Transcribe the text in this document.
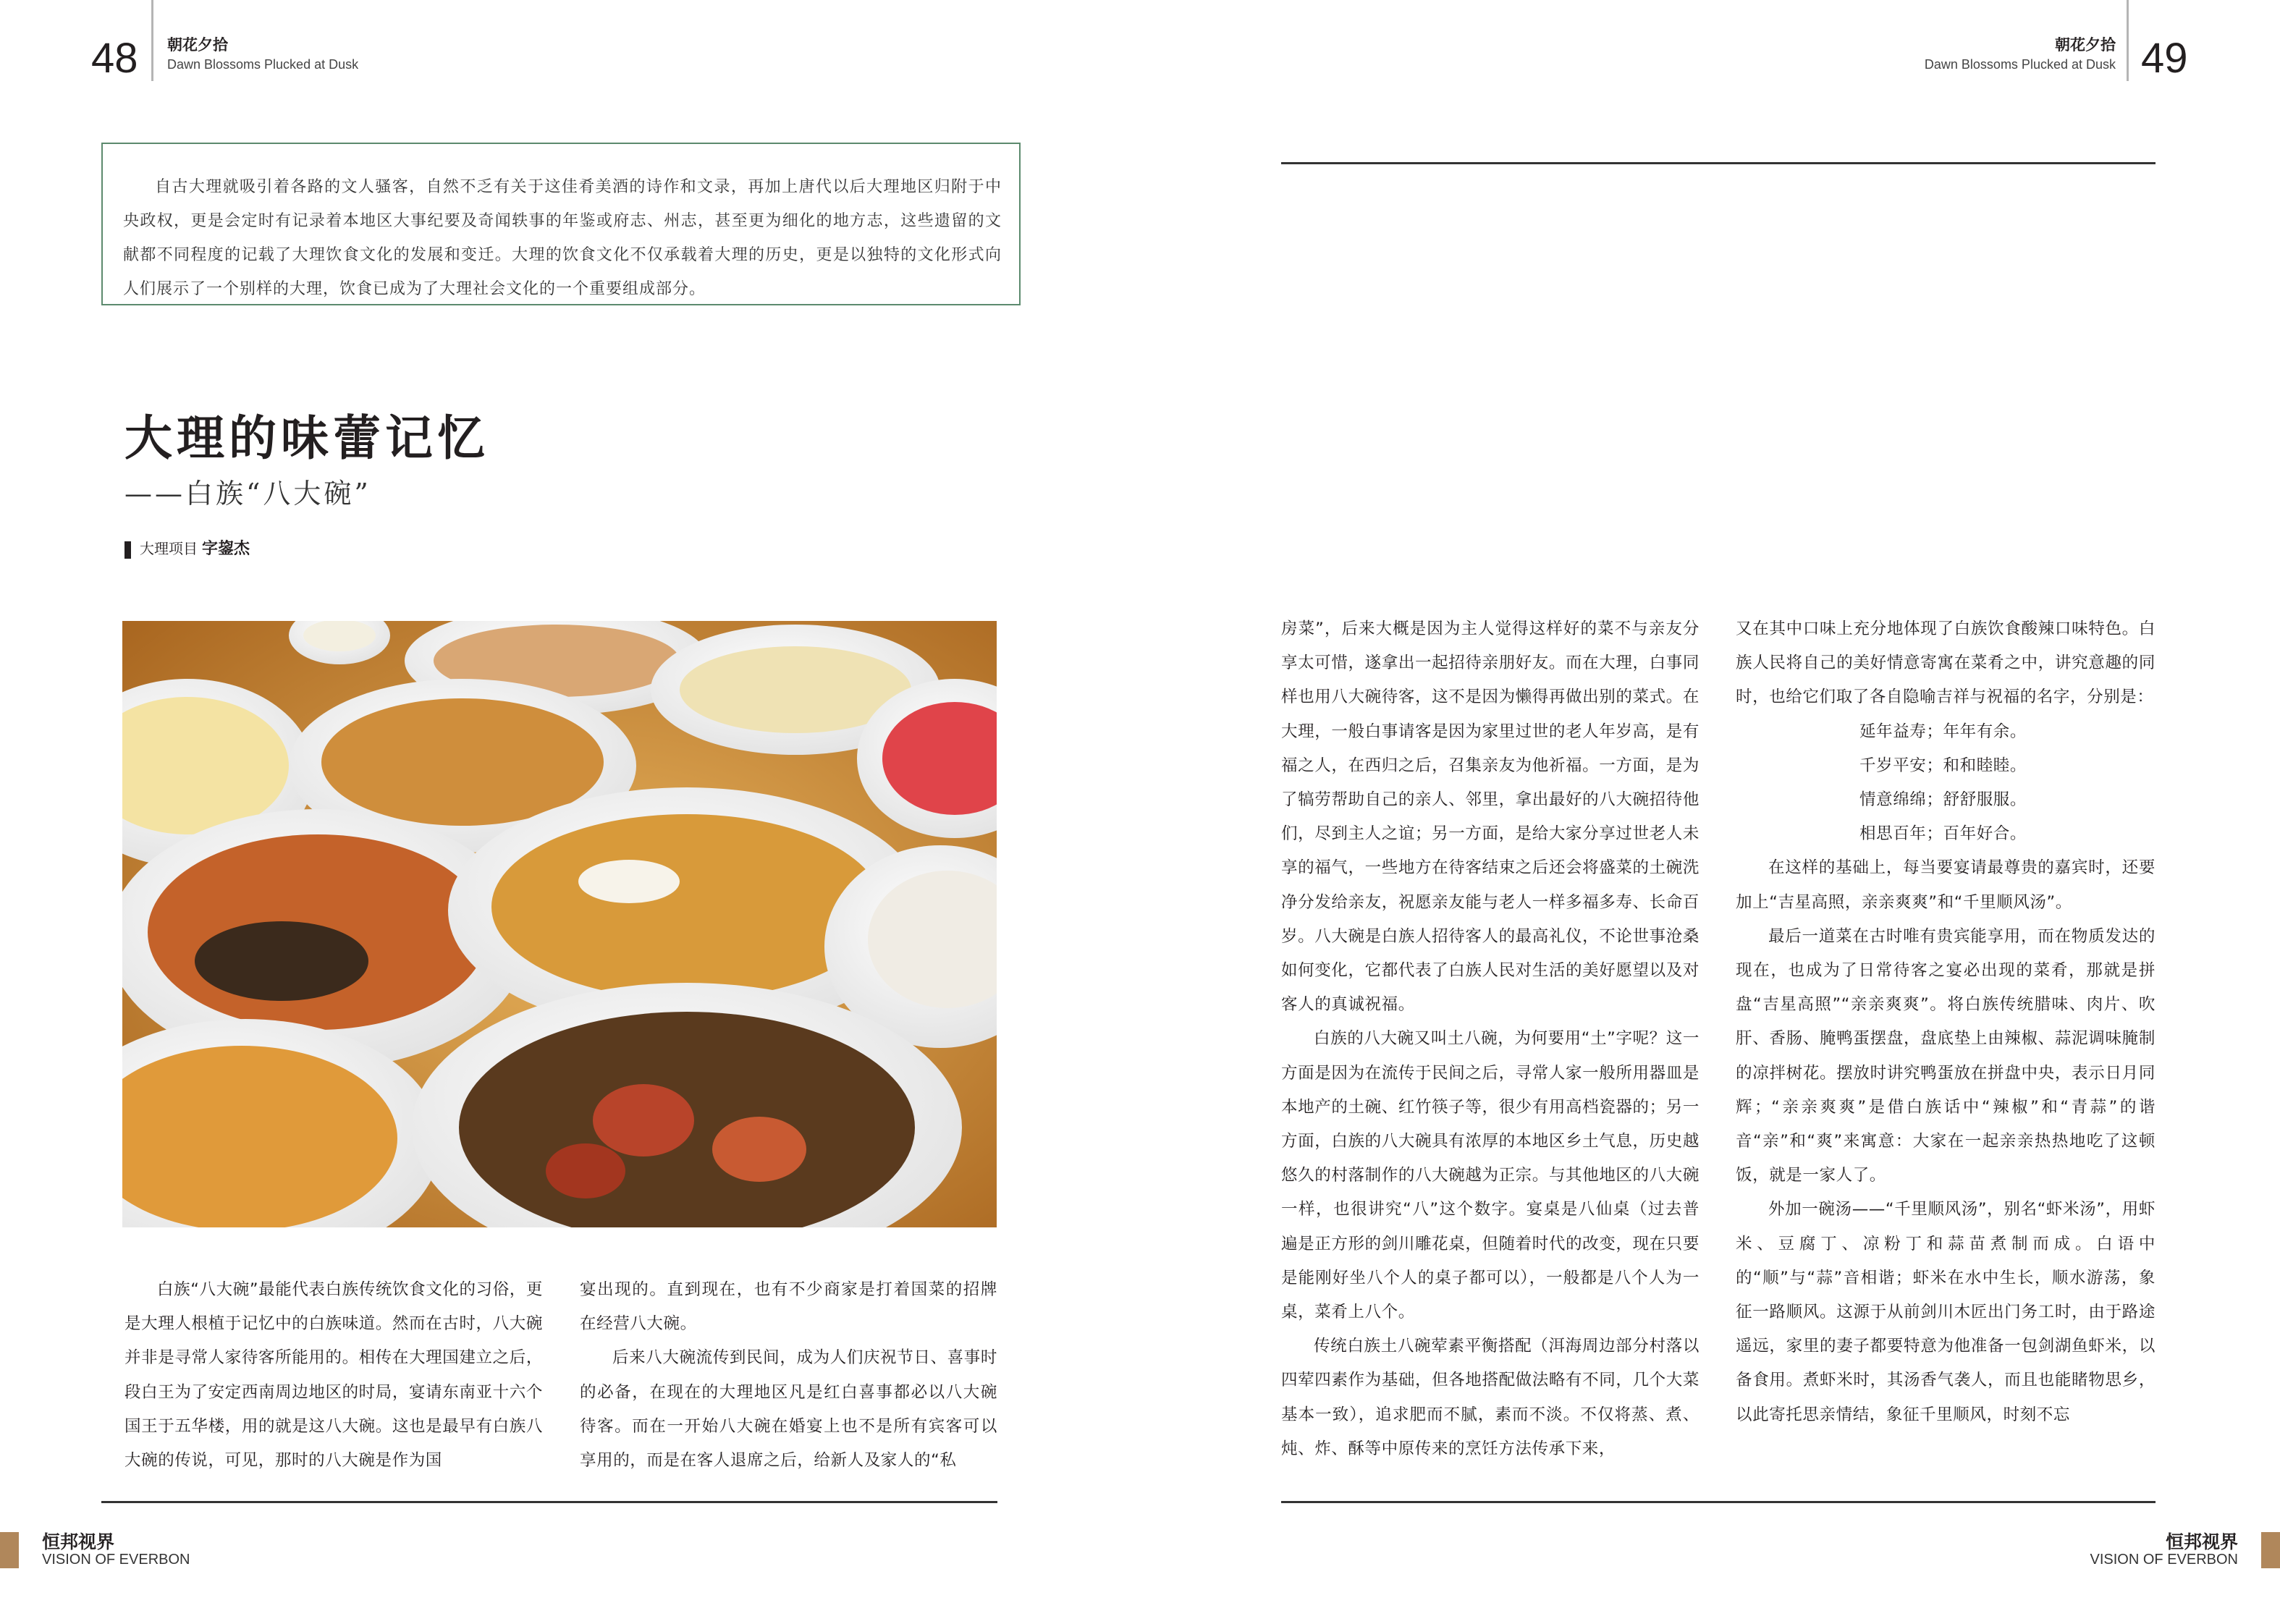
48 朝花夕拾
Dawn Blossoms Plucked at Dusk
朝花夕拾
Dawn Blossoms Plucked at Dusk 49
自古大理就吸引着各路的文人骚客，自然不乏有关于这佳肴美酒的诗作和文录，再加上唐代以后大理地区归附于中央政权，更是会定时有记录着本地区大事纪要及奇闻轶事的年鉴或府志、州志，甚至更为细化的地方志，这些遗留的文献都不同程度的记载了大理饮食文化的发展和变迁。大理的饮食文化不仅承载着大理的历史，更是以独特的文化形式向人们展示了一个别样的大理，饮食已成为了大理社会文化的一个重要组成部分。
大理的味蕾记忆
——白族“八大碗”
大理项目 字鋆杰

白族“八大碗”最能代表白族传统饮食文化的习俗，更是大理人根植于记忆中的白族味道。然而在古时，八大碗并非是寻常人家待客所能用的。相传在大理国建立之后，段白王为了安定西南周边地区的时局，宴请东南亚十六个国王于五华楼，用的就是这八大碗。这也是最早有白族八大碗的传说，可见，那时的八大碗是作为国

宴出现的。直到现在，也有不少商家是打着国菜的招牌在经营八大碗。

后来八大碗流传到民间，成为人们庆祝节日、喜事时的必备，在现在的大理地区凡是红白喜事都必以八大碗待客。而在一开始八大碗在婚宴上也不是所有宾客可以享用的，而是在客人退席之后，给新人及家人的“私

房菜”，后来大概是因为主人觉得这样好的菜不与亲友分享太可惜，遂拿出一起招待亲朋好友。而在大理，白事同样也用八大碗待客，这不是因为懒得再做出别的菜式。在大理，一般白事请客是因为家里过世的老人年岁高，是有福之人，在西归之后，召集亲友为他祈福。一方面，是为了犒劳帮助自己的亲人、邻里，拿出最好的八大碗招待他们，尽到主人之谊；另一方面，是给大家分享过世老人未享的福气，一些地方在待客结束之后还会将盛菜的土碗洗净分发给亲友，祝愿亲友能与老人一样多福多寿、长命百岁。八大碗是白族人招待客人的最高礼仪，不论世事沧桑如何变化，它都代表了白族人民对生活的美好愿望以及对客人的真诚祝福。

白族的八大碗又叫土八碗，为何要用“土”字呢？这一方面是因为在流传于民间之后，寻常人家一般所用器皿是本地产的土碗、红竹筷子等，很少有用高档瓷器的；另一方面，白族的八大碗具有浓厚的本地区乡土气息，历史越悠久的村落制作的八大碗越为正宗。与其他地区的八大碗一样，也很讲究“八”这个数字。宴桌是八仙桌（过去普遍是正方形的剑川雕花桌，但随着时代的改变，现在只要是能刚好坐八个人的桌子都可以），一般都是八个人为一桌，菜肴上八个。

传统白族土八碗荤素平衡搭配（洱海周边部分村落以四荤四素作为基础，但各地搭配做法略有不同，几个大菜基本一致），追求肥而不腻，素而不淡。不仅将蒸、煮、炖、炸、酥等中原传来的烹饪方法传承下来，

又在其中口味上充分地体现了白族饮食酸辣口味特色。白族人民将自己的美好情意寄寓在菜肴之中，讲究意趣的同时，也给它们取了各自隐喻吉祥与祝福的名字，分别是：

延年益寿；年年有余。

千岁平安；和和睦睦。

情意绵绵；舒舒服服。

相思百年；百年好合。

在这样的基础上，每当要宴请最尊贵的嘉宾时，还要加上“吉星高照，亲亲爽爽”和“千里顺风汤”。

最后一道菜在古时唯有贵宾能享用，而在物质发达的现在，也成为了日常待客之宴必出现的菜肴，那就是拼盘“吉星高照”“亲亲爽爽”。将白族传统腊味、肉片、吹肝、香肠、腌鸭蛋摆盘，盘底垫上由辣椒、蒜泥调味腌制的凉拌树花。摆放时讲究鸭蛋放在拼盘中央，表示日月同辉；“亲亲爽爽”是借白族话中“辣椒”和“青蒜”的谐音“亲”和“爽”来寓意：大家在一起亲亲热热地吃了这顿饭，就是一家人了。

外加一碗汤——“千里顺风汤”，别名“虾米汤”，用虾米、豆腐丁、凉粉丁和蒜苗煮制而成。白语中的“顺”与“蒜”音相谐；虾米在水中生长，顺水游荡，象征一路顺风。这源于从前剑川木匠出门务工时，由于路途遥远，家里的妻子都要特意为他准备一包剑湖鱼虾米，以备食用。煮虾米时，其汤香气袭人，而且也能睹物思乡，以此寄托思亲情结，象征千里顺风，时刻不忘

恒邦视界
VISION OF EVERBON
恒邦视界
VISION OF EVERBON
